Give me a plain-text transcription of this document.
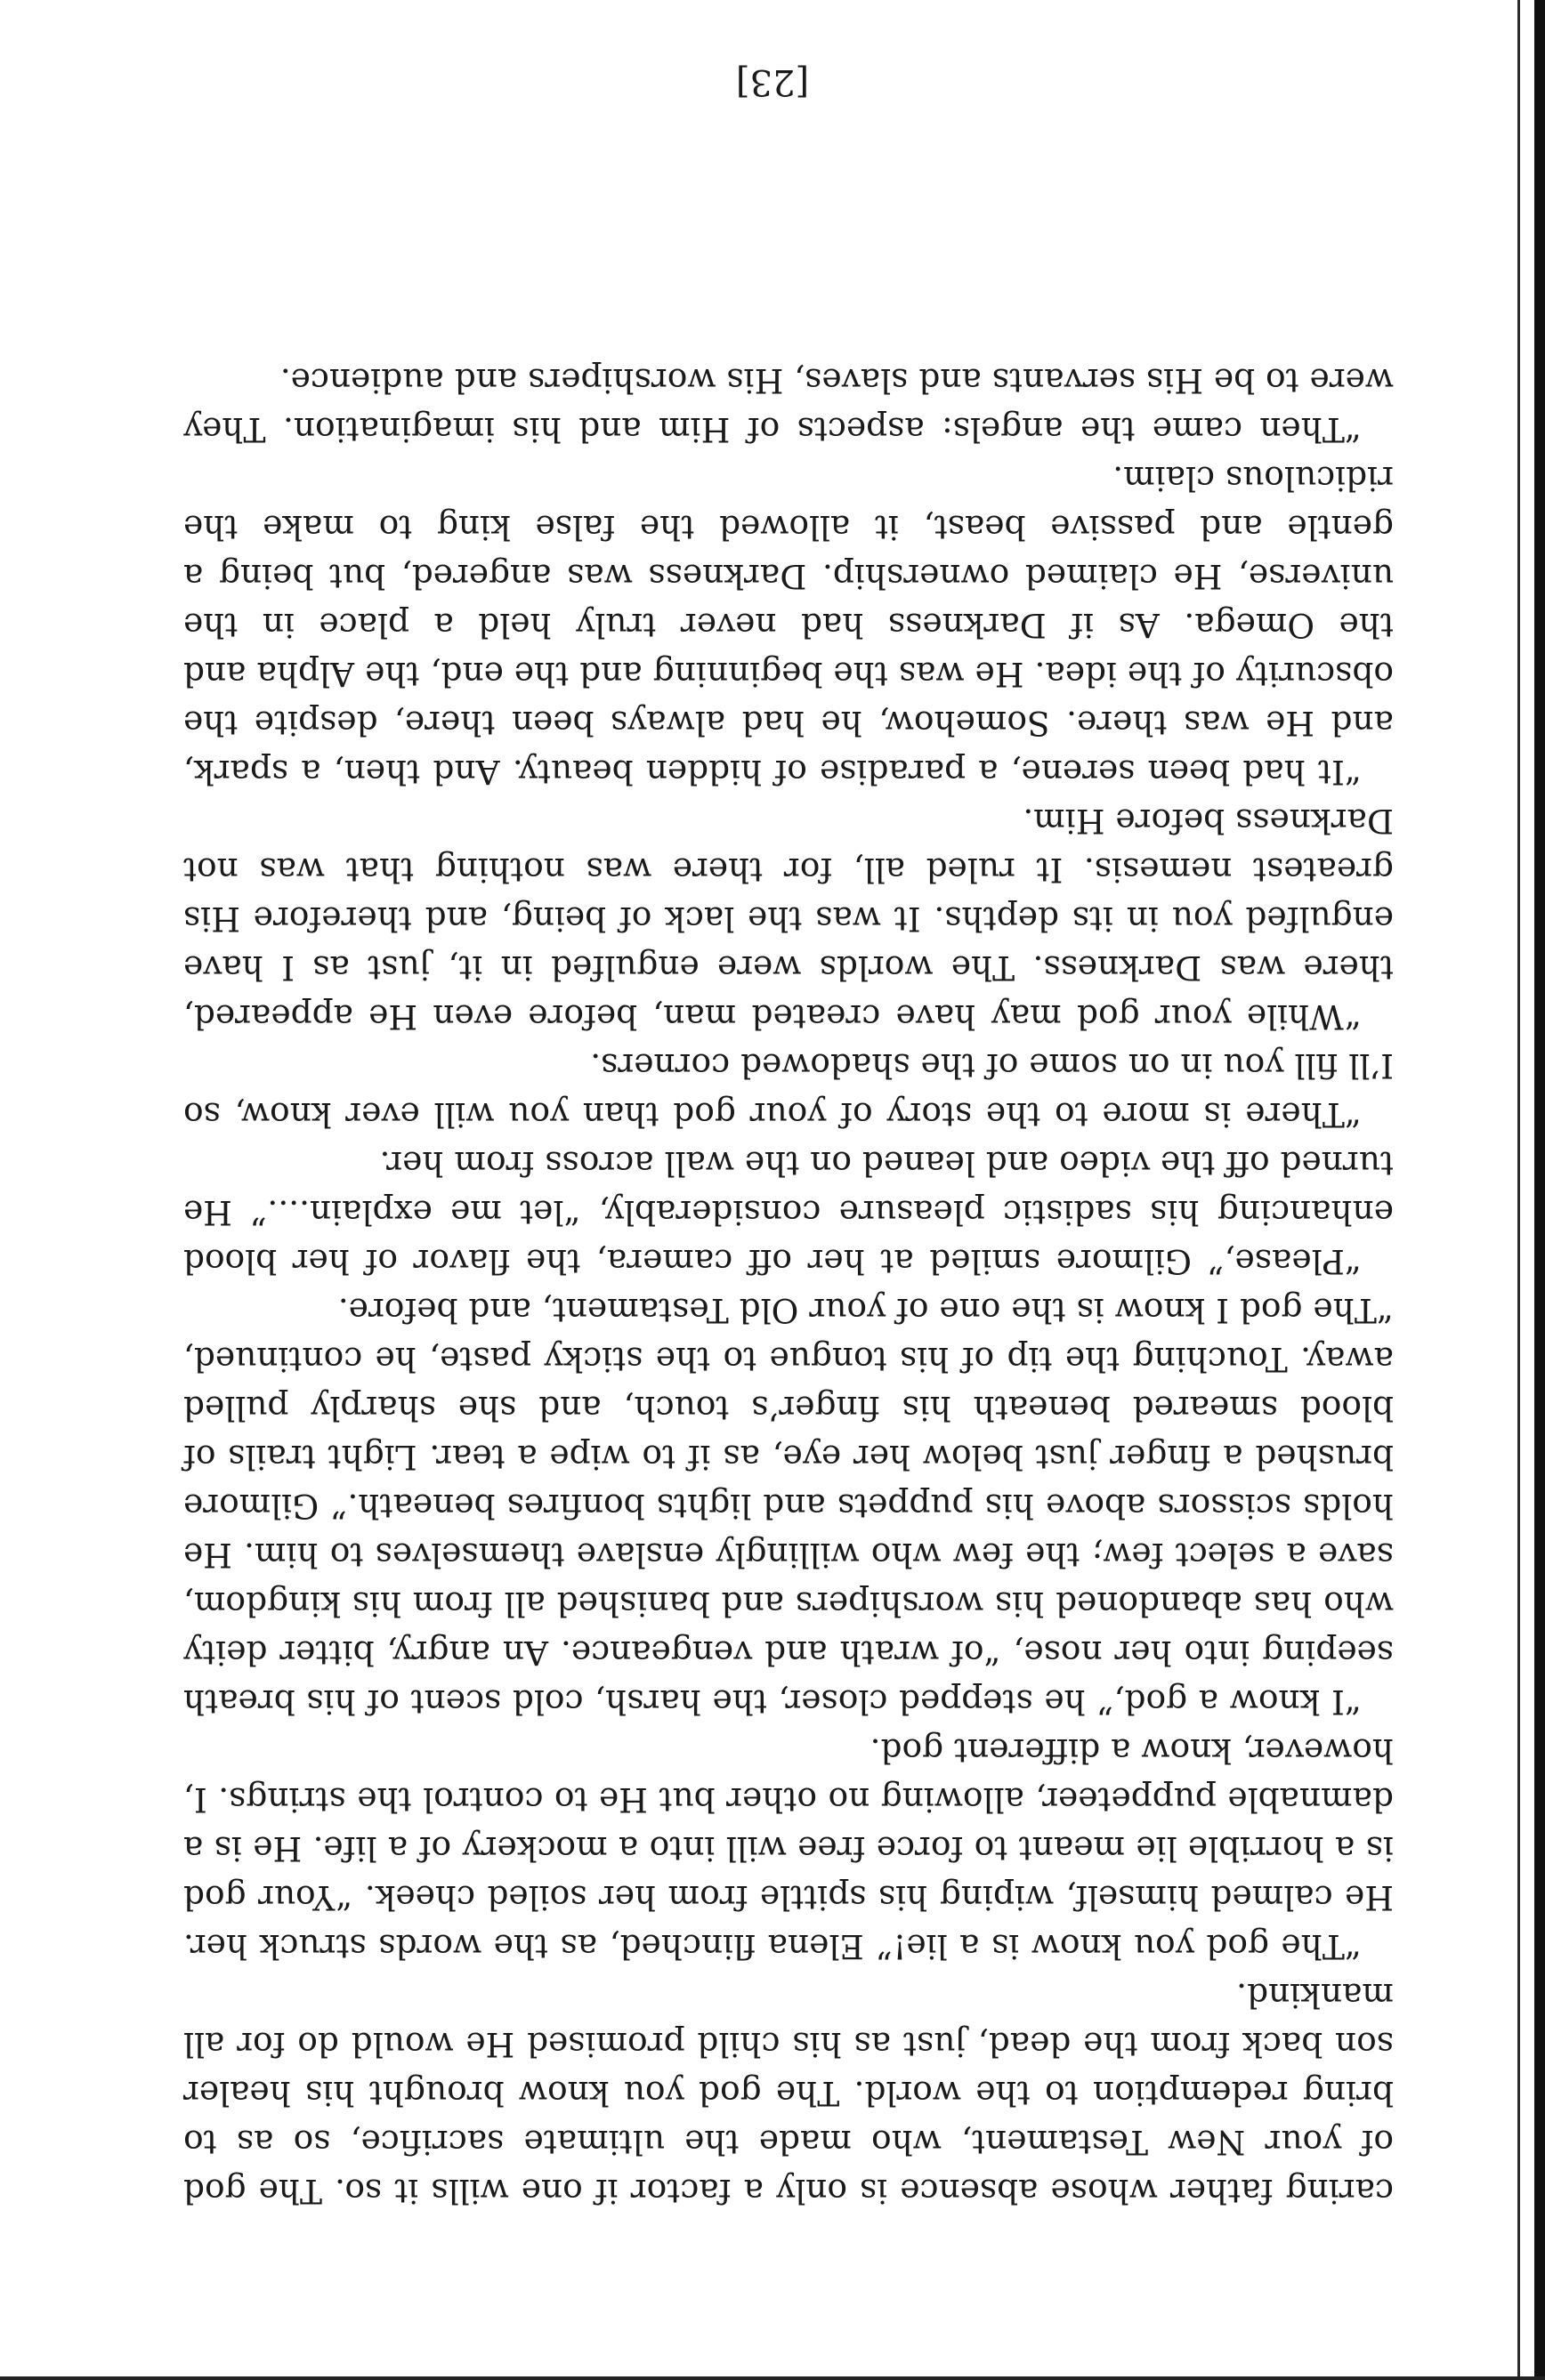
caring father whose absence is only a factor if one wills it so. The god of your New Testament, who made the ultimate sacrifice, so as to bring redemption to the world. The god you know brought his healer son back from the dead, just as his child promised He would do for all mankind.

“The god you know is a lie!” Elena flinched, as the words struck her. He calmed himself, wiping his spittle from her soiled cheek. “Your god is a horrible lie meant to force free will into a mockery of a life. He is a damnable puppeteer, allowing no other but He to control the strings. I, however, know a different god.

“I know a god,” he stepped closer, the harsh, cold scent of his breath seeping into her nose, “of wrath and vengeance. An angry, bitter deity who has abandoned his worshipers and banished all from his kingdom, save a select few; the few who willingly enslave themselves to him. He holds scissors above his puppets and lights bonfires beneath.” Gilmore brushed a finger just below her eye, as if to wipe a tear. Light trails of blood smeared beneath his finger’s touch, and she sharply pulled away. Touching the tip of his tongue to the sticky paste, he continued, “The god I know is the one of your Old Testament, and before.

“Please,” Gilmore smiled at her off camera, the flavor of her blood enhancing his sadistic pleasure considerably, “let me explain....” He turned off the video and leaned on the wall across from her.

“There is more to the story of your god than you will ever know, so I’ll fill you in on some of the shadowed corners.

“While your god may have created man, before even He appeared, there was Darkness. The worlds were engulfed in it, just as I have engulfed you in its depths. It was the lack of being, and therefore His greatest nemesis. It ruled all, for there was nothing that was not Darkness before Him.

“It had been serene, a paradise of hidden beauty. And then, a spark, and He was there. Somehow, he had always been there, despite the obscurity of the idea. He was the beginning and the end, the Alpha and the Omega. As if Darkness had never truly held a place in the universe, He claimed ownership. Darkness was angered, but being a gentle and passive beast, it allowed the false king to make the ridiculous claim.

“Then came the angels: aspects of Him and his imagination. They were to be His servants and slaves, His worshipers and audience.

[23]
